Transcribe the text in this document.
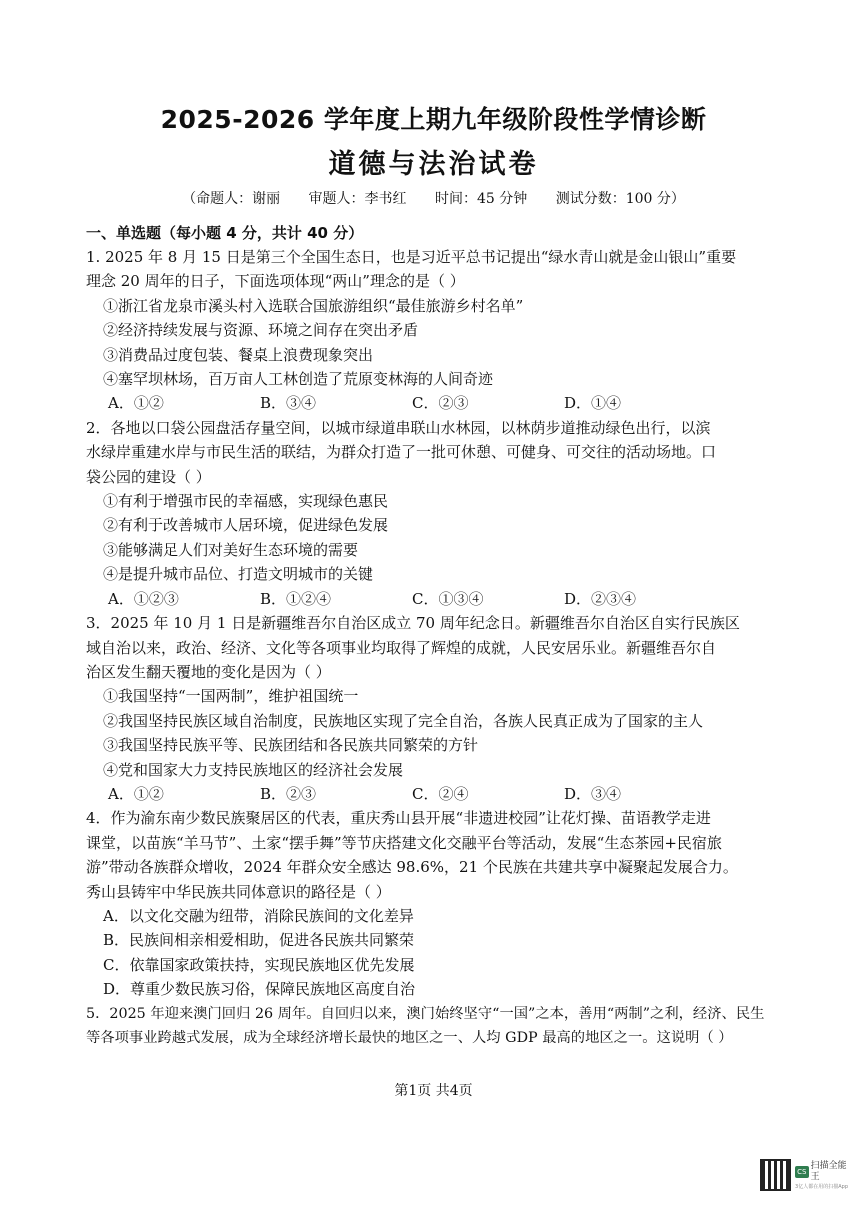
2025-2026 学年度上期九年级阶段性学情诊断
道德与法治试卷
（命题人：谢丽 审题人：李书红 时间：45 分钟 测试分数：100 分）
一、单选题（每小题 4 分，共计 40 分）
1. 2025 年 8 月 15 日是第三个全国生态日，也是习近平总书记提出“绿水青山就是金山银山”重要
理念 20 周年的日子，下面选项体现“两山”理念的是（ ）
①浙江省龙泉市溪头村入选联合国旅游组织“最佳旅游乡村名单”
②经济持续发展与资源、环境之间存在突出矛盾
③消费品过度包装、餐桌上浪费现象突出
④塞罕坝林场，百万亩人工林创造了荒原变林海的人间奇迹
A．①②	B．③④	C．②③	D．①④
2．各地以口袋公园盘活存量空间，以城市绿道串联山水林园，以林荫步道推动绿色出行，以滨
水绿岸重建水岸与市民生活的联结，为群众打造了一批可休憩、可健身、可交往的活动场地。口
袋公园的建设（ ）
①有利于增强市民的幸福感，实现绿色惠民
②有利于改善城市人居环境，促进绿色发展
③能够满足人们对美好生态环境的需要
④是提升城市品位、打造文明城市的关键
A．①②③	B．①②④	C．①③④	D．②③④
3．2025 年 10 月 1 日是新疆维吾尔自治区成立 70 周年纪念日。新疆维吾尔自治区自实行民族区
域自治以来，政治、经济、文化等各项事业均取得了辉煌的成就，人民安居乐业。新疆维吾尔自
治区发生翻天覆地的变化是因为（ ）
①我国坚持“一国两制”，维护祖国统一
②我国坚持民族区域自治制度，民族地区实现了完全自治，各族人民真正成为了国家的主人
③我国坚持民族平等、民族团结和各民族共同繁荣的方针
④党和国家大力支持民族地区的经济社会发展
A．①②	B．②③	C．②④	D．③④
4．作为渝东南少数民族聚居区的代表，重庆秀山县开展“非遗进校园”让花灯操、苗语教学走进
课堂，以苗族“羊马节”、土家“摆手舞”等节庆搭建文化交融平台等活动，发展“生态茶园+民宿旅
游”带动各族群众增收，2024 年群众安全感达 98.6%，21 个民族在共建共享中凝聚起发展合力。
秀山县铸牢中华民族共同体意识的路径是（ ）
A．以文化交融为纽带，消除民族间的文化差异
B．民族间相亲相爱相助，促进各民族共同繁荣
C．依靠国家政策扶持，实现民族地区优先发展
D．尊重少数民族习俗，保障民族地区高度自治
5．2025 年迎来澳门回归 26 周年。自回归以来，澳门始终坚守“一国”之本，善用“两制”之利，经济、民生
等各项事业跨越式发展，成为全球经济增长最快的地区之一、人均 GDP 最高的地区之一。这说明（ ）
第1页 共4页
CS
扫描全能王
3亿人都在用的扫描App
